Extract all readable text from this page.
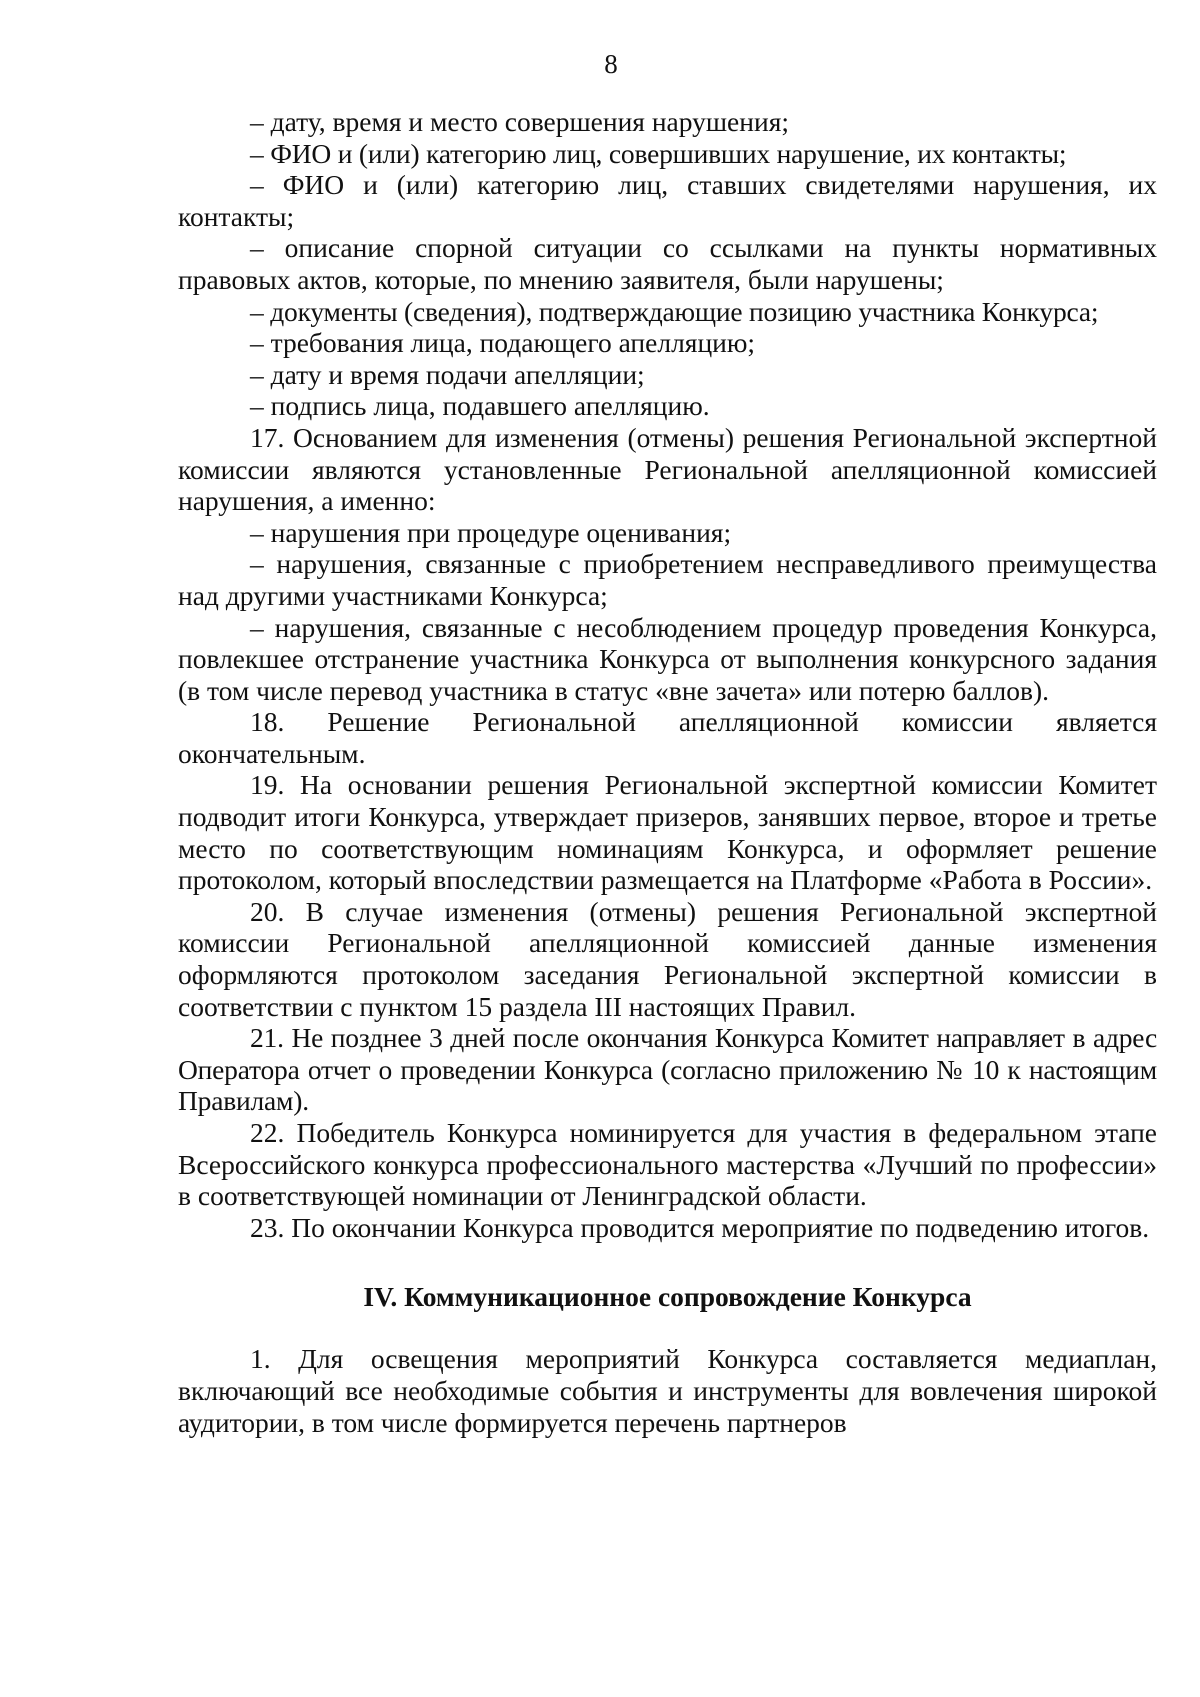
8

– дату, время и место совершения нарушения;

– ФИО и (или) категорию лиц, совершивших нарушение, их контакты;

– ФИО и (или) категорию лиц, ставших свидетелями нарушения, их контакты;

– описание спорной ситуации со ссылками на пункты нормативных правовых актов, которые, по мнению заявителя, были нарушены;

– документы (сведения), подтверждающие позицию участника Конкурса;

– требования лица, подающего апелляцию;

– дату и время подачи апелляции;

– подпись лица, подавшего апелляцию.

17. Основанием для изменения (отмены) решения Региональной экспертной комиссии являются установленные Региональной апелляционной комиссией нарушения, а именно:

– нарушения при процедуре оценивания;

– нарушения, связанные с приобретением несправедливого преимущества над другими участниками Конкурса;

– нарушения, связанные с несоблюдением процедур проведения Конкурса, повлекшее отстранение участника Конкурса от выполнения конкурсного задания (в том числе перевод участника в статус «вне зачета» или потерю баллов).

18. Решение Региональной апелляционной комиссии является окончательным.

19. На основании решения Региональной экспертной комиссии Комитет подводит итоги Конкурса, утверждает призеров, занявших первое, второе и третье место по соответствующим номинациям Конкурса, и оформляет решение протоколом, который впоследствии размещается на Платформе «Работа в России».

20. В случае изменения (отмены) решения Региональной экспертной комиссии Региональной апелляционной комиссией данные изменения оформляются протоколом заседания Региональной экспертной комиссии в соответствии с пунктом 15 раздела III настоящих Правил.

21. Не позднее 3 дней после окончания Конкурса Комитет направляет в адрес Оператора отчет о проведении Конкурса (согласно приложению № 10 к настоящим Правилам).

22. Победитель Конкурса номинируется для участия в федеральном этапе Всероссийского конкурса профессионального мастерства «Лучший по профессии» в соответствующей номинации от Ленинградской области.

23. По окончании Конкурса проводится мероприятие по подведению итогов.

IV. Коммуникационное сопровождение Конкурса

1. Для освещения мероприятий Конкурса составляется медиаплан, включающий все необходимые события и инструменты для вовлечения широкой аудитории, в том числе формируется перечень партнеров
